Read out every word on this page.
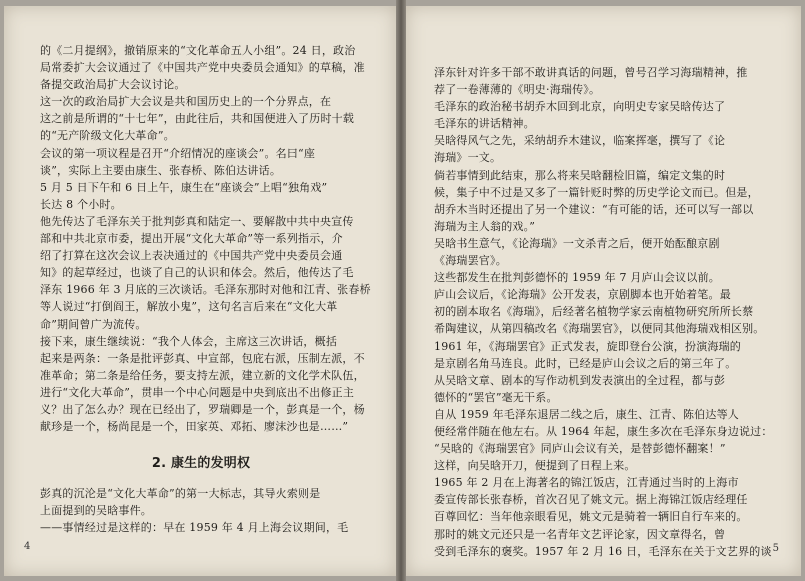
的《二月提纲》，撤销原来的“文化革命五人小组”。24 日，政治

局常委扩大会议通过了《中国共产党中央委员会通知》的草稿，准

备提交政治局扩大会议讨论。

这一次的政治局扩大会议是共和国历史上的一个分界点，在

这之前是所谓的“十七年”，由此往后，共和国便进入了历时十载

的“无产阶级文化大革命”。

会议的第一项议程是召开“介绍情况的座谈会”。名曰“座

谈”，实际上主要由康生、张春桥、陈伯达讲话。

5 月 5 日下午和 6 日上午，康生在“座谈会”上唱“独角戏”

长达 8 个小时。

他先传达了毛泽东关于批判彭真和陆定一、要解散中共中央宣传

部和中共北京市委，提出开展“文化大革命”等一系列指示，介

绍了打算在这次会议上表决通过的《中国共产党中央委员会通

知》的起草经过，也谈了自己的认识和体会。然后，他传达了毛

泽东 1966 年 3 月底的三次谈话。毛泽东那时对他和江青、张春桥

等人说过“打倒阎王，解放小鬼”，这句名言后来在“文化大革

命”期间曾广为流传。

接下来，康生继续说：“我个人体会，主席这三次讲话，概括

起来是两条：一条是批评彭真、中宣部，包庇右派，压制左派，不

准革命；第二条是给任务，要支持左派，建立新的文化学术队伍，

进行“文化大革命”，贯串一个中心问题是中央到底出不出修正主

义？出了怎么办？现在已经出了，罗瑞卿是一个，彭真是一个，杨

献珍是一个，杨尚昆是一个，田家英、邓拓、廖沫沙也是……”

2. 康生的发明权

彭真的沉沦是“文化大革命”的第一大标志，其导火索则是

上面提到的吴晗事件。

——事情经过是这样的：早在 1959 年 4 月上海会议期间，毛

4

泽东针对许多干部不敢讲真话的问题，曾号召学习海瑞精神，推

荐了一卷薄薄的《明史·海瑞传》。

毛泽东的政治秘书胡乔木回到北京，向明史专家吴晗传达了

毛泽东的讲话精神。

吴晗得风气之先，采纳胡乔木建议，临案挥毫，撰写了《论

海瑞》一文。

倘若事情到此结束，那么将来吴晗翻检旧篇，编定文集的时

候，集子中不过是又多了一篇针贬时弊的历史学论文而已。但是，

胡乔木当时还提出了另一个建议：“有可能的话，还可以写一部以

海瑞为主人翁的戏。”

吴晗书生意气，《论海瑞》一文杀青之后，便开始酝酿京剧

《海瑞罢官》。

这些都发生在批判彭德怀的 1959 年 7 月庐山会议以前。

庐山会议后，《论海瑞》公开发表，京剧脚本也开始着笔。最

初的剧本取名《海瑞》，后经著名植物学家云南植物研究所所长蔡

希陶建议，从第四稿改名《海瑞罢官》，以便同其他海瑞戏相区别。

1961 年，《海瑞罢官》正式发表，旋即登台公演，扮演海瑞的

是京剧名角马连良。此时，已经是庐山会议之后的第三年了。

从吴晗文章、剧本的写作动机到发表演出的全过程，都与彭

德怀的“罢官”毫无干系。

自从 1959 年毛泽东退居二线之后，康生、江青、陈伯达等人

便经常伴随在他左右。从 1964 年起，康生多次在毛泽东身边说过：

“吴晗的《海瑞罢官》同庐山会议有关，是替彭德怀翻案！”

这样，向吴晗开刀，便提到了日程上来。

1965 年 2 月在上海著名的锦江饭店，江青通过当时的上海市

委宣传部长张春桥，首次召见了姚文元。据上海锦江饭店经理任

百尊回忆：当年他亲眼看见，姚文元是骑着一辆旧自行车来的。

那时的姚文元还只是一名青年文艺评论家，因文章得名，曾

受到毛泽东的褒奖。1957 年 2 月 16 日，毛泽东在关于文艺界的谈 5
